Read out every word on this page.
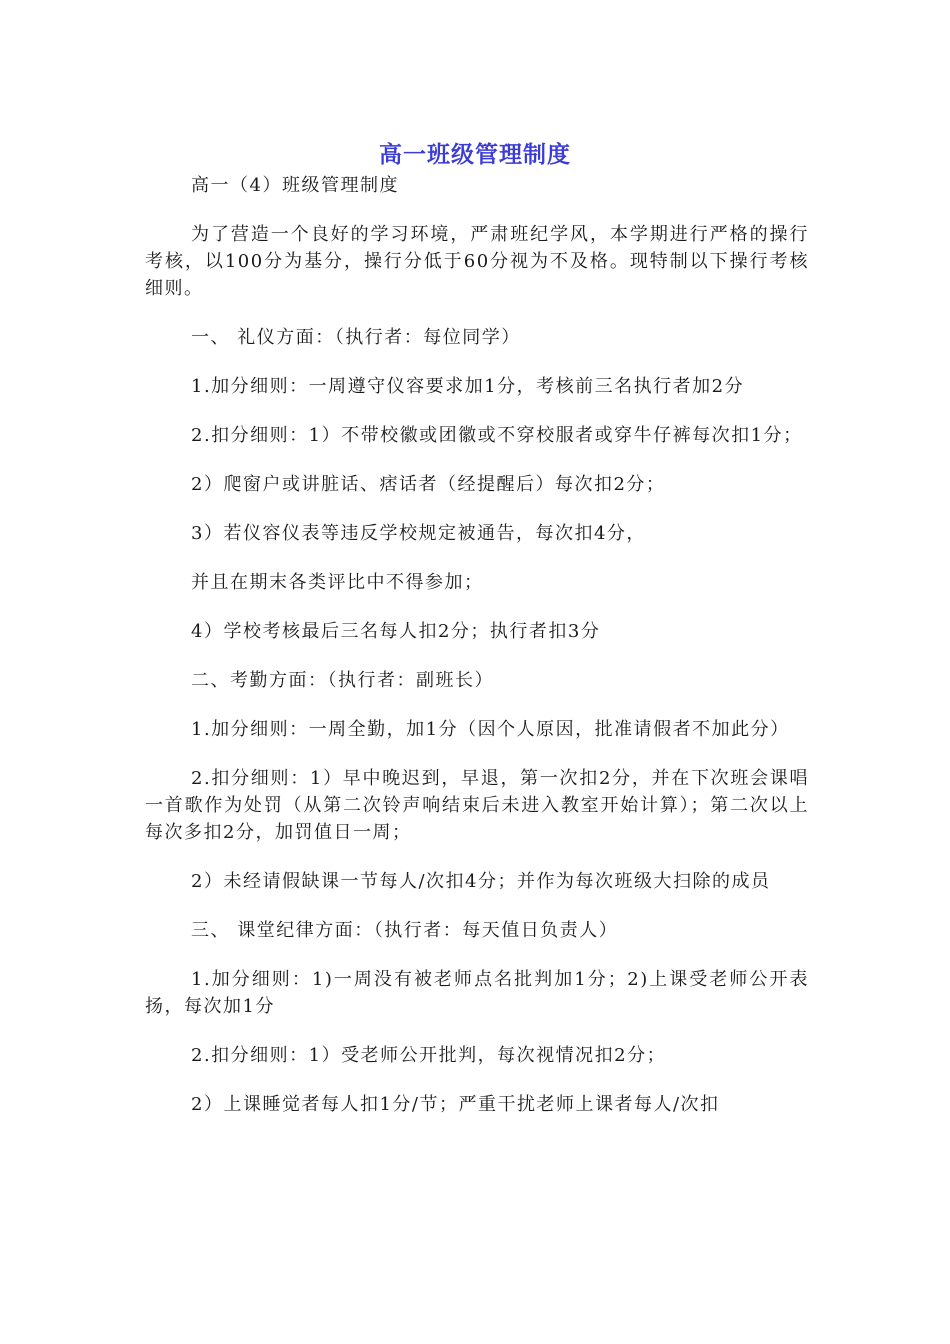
高一班级管理制度

高一（4）班级管理制度

为了营造一个良好的学习环境，严肃班纪学风，本学期进行严格的操行考核，以100分为基分，操行分低于60分视为不及格。现特制以下操行考核细则。

一、 礼仪方面：（执行者：每位同学）

1.加分细则：一周遵守仪容要求加1分，考核前三名执行者加2分

2.扣分细则：1）不带校徽或团徽或不穿校服者或穿牛仔裤每次扣1分；

2）爬窗户或讲脏话、痞话者（经提醒后）每次扣2分；

3）若仪容仪表等违反学校规定被通告，每次扣4分，

并且在期末各类评比中不得参加；

4）学校考核最后三名每人扣2分；执行者扣3分

二、考勤方面：（执行者：副班长）

1.加分细则：一周全勤，加1分（因个人原因，批准请假者不加此分）

2.扣分细则：1）早中晚迟到，早退，第一次扣2分，并在下次班会课唱一首歌作为处罚（从第二次铃声响结束后未进入教室开始计算）；第二次以上每次多扣2分，加罚值日一周；

2）未经请假缺课一节每人/次扣4分；并作为每次班级大扫除的成员

三、 课堂纪律方面：（执行者：每天值日负责人）

1.加分细则：1)一周没有被老师点名批判加1分；2)上课受老师公开表扬，每次加1分

2.扣分细则：1）受老师公开批判，每次视情况扣2分；

2）上课睡觉者每人扣1分/节；严重干扰老师上课者每人/次扣
